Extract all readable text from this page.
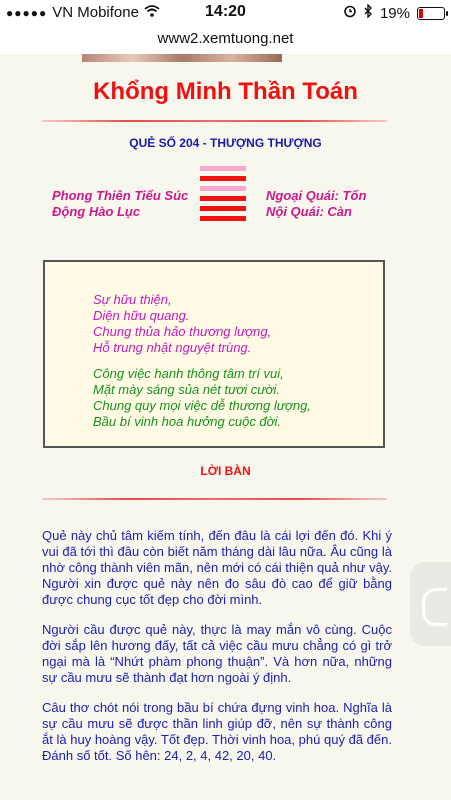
●●●●● VN Mobifone	14:20	19%
www2.xemtuong.net
Khổng Minh Thần Toán
QUẺ SỐ 204 - THƯỢNG THƯỢNG
Phong Thiên Tiểu Súc
Động Hào Lục
Ngoại Quái: Tốn
Nội Quái: Càn
Sự hữu thiện,
Diện hữu quang.
Chung thủa hảo thương lượng,
Hỗ trung nhật nguyệt trùng.
Công việc hanh thông tâm trí vui,
Mặt mày sáng sủa nét tươi cười.
Chung quy mọi việc dễ thương lượng,
Bầu bí vinh hoa hưởng cuộc đời.
LỜI BÀN

Quẻ này chủ tâm kiếm tính, đến đâu là cái lợi đến đó. Khi ý vui đã tới thì đâu còn biết năm tháng dài lâu nữa. Âu cũng là nhờ công thành viên mãn, nên mới có cái thiện quả như vậy. Người xin được quẻ này nên đo sâu đò cao để giữ bằng được chung cục tốt đẹp cho đời mình.

Người cầu được quẻ này, thực là may mắn vô cùng. Cuộc đời sắp lên hương đấy, tất cả việc cầu mưu chẳng có gì trở ngại mà là “Nhứt phàm phong thuận”. Và hơn nữa, những sự cầu mưu sẽ thành đạt hơn ngoài ý định.

Câu thơ chót nói trong bầu bí chứa đựng vinh hoa. Nghĩa là sự cầu mưu sẽ được thần linh giúp đỡ, nên sự thành công ắt là huy hoàng vậy. Tốt đẹp. Thời vinh hoa, phú quý đã đến. Đánh số tốt. Số hên: 24, 2, 4, 42, 20, 40.
